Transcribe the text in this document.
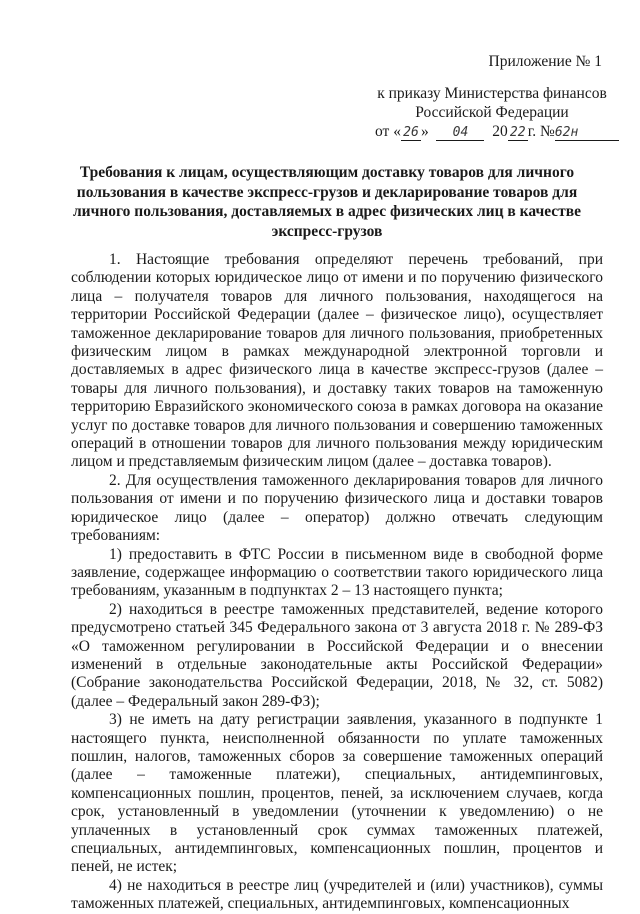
Приложение № 1
к приказу Министерства финансов
Российской Федерации
от « 26 » 04 20 22 г. №62н
Требования к лицам, осуществляющим доставку товаров для личного
пользования в качестве экспресс-грузов и декларирование товаров для
личного пользования, доставляемых в адрес физических лиц в качестве
экспресс-грузов

1. Настоящие требования определяют перечень требований, при соблюдении которых юридическое лицо от имени и по поручению физического лица – получателя товаров для личного пользования, находящегося на территории Российской Федерации (далее – физическое лицо), осуществляет таможенное декларирование товаров для личного пользования, приобретенных физическим лицом в рамках международной электронной торговли и доставляемых в адрес физического лица в качестве экспресс-грузов (далее – товары для личного пользования), и доставку таких товаров на таможенную территорию Евразийского экономического союза в рамках договора на оказание услуг по доставке товаров для личного пользования и совершению таможенных операций в отношении товаров для личного пользования между юридическим лицом и представляемым физическим лицом (далее – доставка товаров).

2. Для осуществления таможенного декларирования товаров для личного пользования от имени и по поручению физического лица и доставки товаров юридическое лицо (далее – оператор) должно отвечать следующим требованиям:

1) предоставить в ФТС России в письменном виде в свободной форме заявление, содержащее информацию о соответствии такого юридического лица требованиям, указанным в подпунктах 2 – 13 настоящего пункта;

2) находиться в реестре таможенных представителей, ведение которого предусмотрено статьей 345 Федерального закона от 3 августа 2018 г. № 289-ФЗ «О таможенном регулировании в Российской Федерации и о внесении изменений в отдельные законодательные акты Российской Федерации» (Собрание законодательства Российской Федерации, 2018, № 32, ст. 5082) (далее – Федеральный закон 289-ФЗ);

3) не иметь на дату регистрации заявления, указанного в подпункте 1 настоящего пункта, неисполненной обязанности по уплате таможенных пошлин, налогов, таможенных сборов за совершение таможенных операций (далее – таможенные платежи), специальных, антидемпинговых, компенсационных пошлин, процентов, пеней, за исключением случаев, когда срок, установленный в уведомлении (уточнении к уведомлению) о не уплаченных в установленный срок суммах таможенных платежей, специальных, антидемпинговых, компенсационных пошлин, процентов и пеней, не истек;

4) не находиться в реестре лиц (учредителей и (или) участников), суммы таможенных платежей, специальных, антидемпинговых, компенсационных
